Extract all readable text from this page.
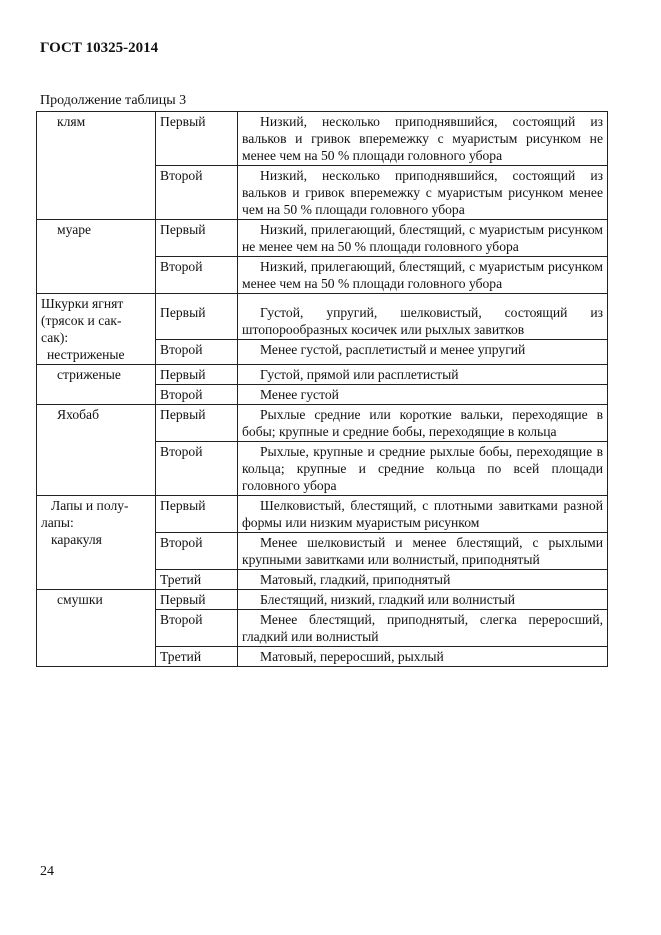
ГОСТ 10325-2014
Продолжение таблицы 3
клям	Первый	Низкий, несколько приподнявшийся, состоящий из вальков и гривок вперемежку с муаристым рисунком не менее чем на 50 % площади головного убора

	Второй	Низкий, несколько приподнявшийся, состоящий из вальков и гривок вперемежку с муаристым рисунком менее чем на 50 % площади головного убора

муаре	Первый	Низкий, прилегающий, блестящий, с муаристым рисунком не менее чем на 50 % площади головного убора

	Второй	Низкий, прилегающий, блестящий, с муаристым рисунком менее чем на 50 % площади головного убора

Шкурки ягнят
(трясок и сак-
сак):
нестриженые	Первый	Густой, упругий, шелковистый, состоящий из штопорообразных косичек или рыхлых завитков

	Второй	Менее густой, расплетистый и менее упругий

стриженые	Первый	Густой, прямой или расплетистый

	Второй	Менее густой

Яхобаб	Первый	Рыхлые средние или короткие вальки, переходящие в бобы; крупные и средние бобы, переходящие в кольца

	Второй	Рыхлые, крупные и средние рыхлые бобы, переходящие в кольца; крупные и средние кольца по всей площади головного убора

Лапы и полу-
лапы:
каракуля	Первый	Шелковистый, блестящий, с плотными завитками разной формы или низким муаристым рисунком

	Второй	Менее шелковистый и менее блестящий, с рыхлыми крупными завитками или волнистый, приподнятый

	Третий	Матовый, гладкий, приподнятый

смушки	Первый	Блестящий, низкий, гладкий или волнистый

	Второй	Менее блестящий, приподнятый, слегка переросший, гладкий или волнистый

	Третий	Матовый, переросший, рыхлый
24
